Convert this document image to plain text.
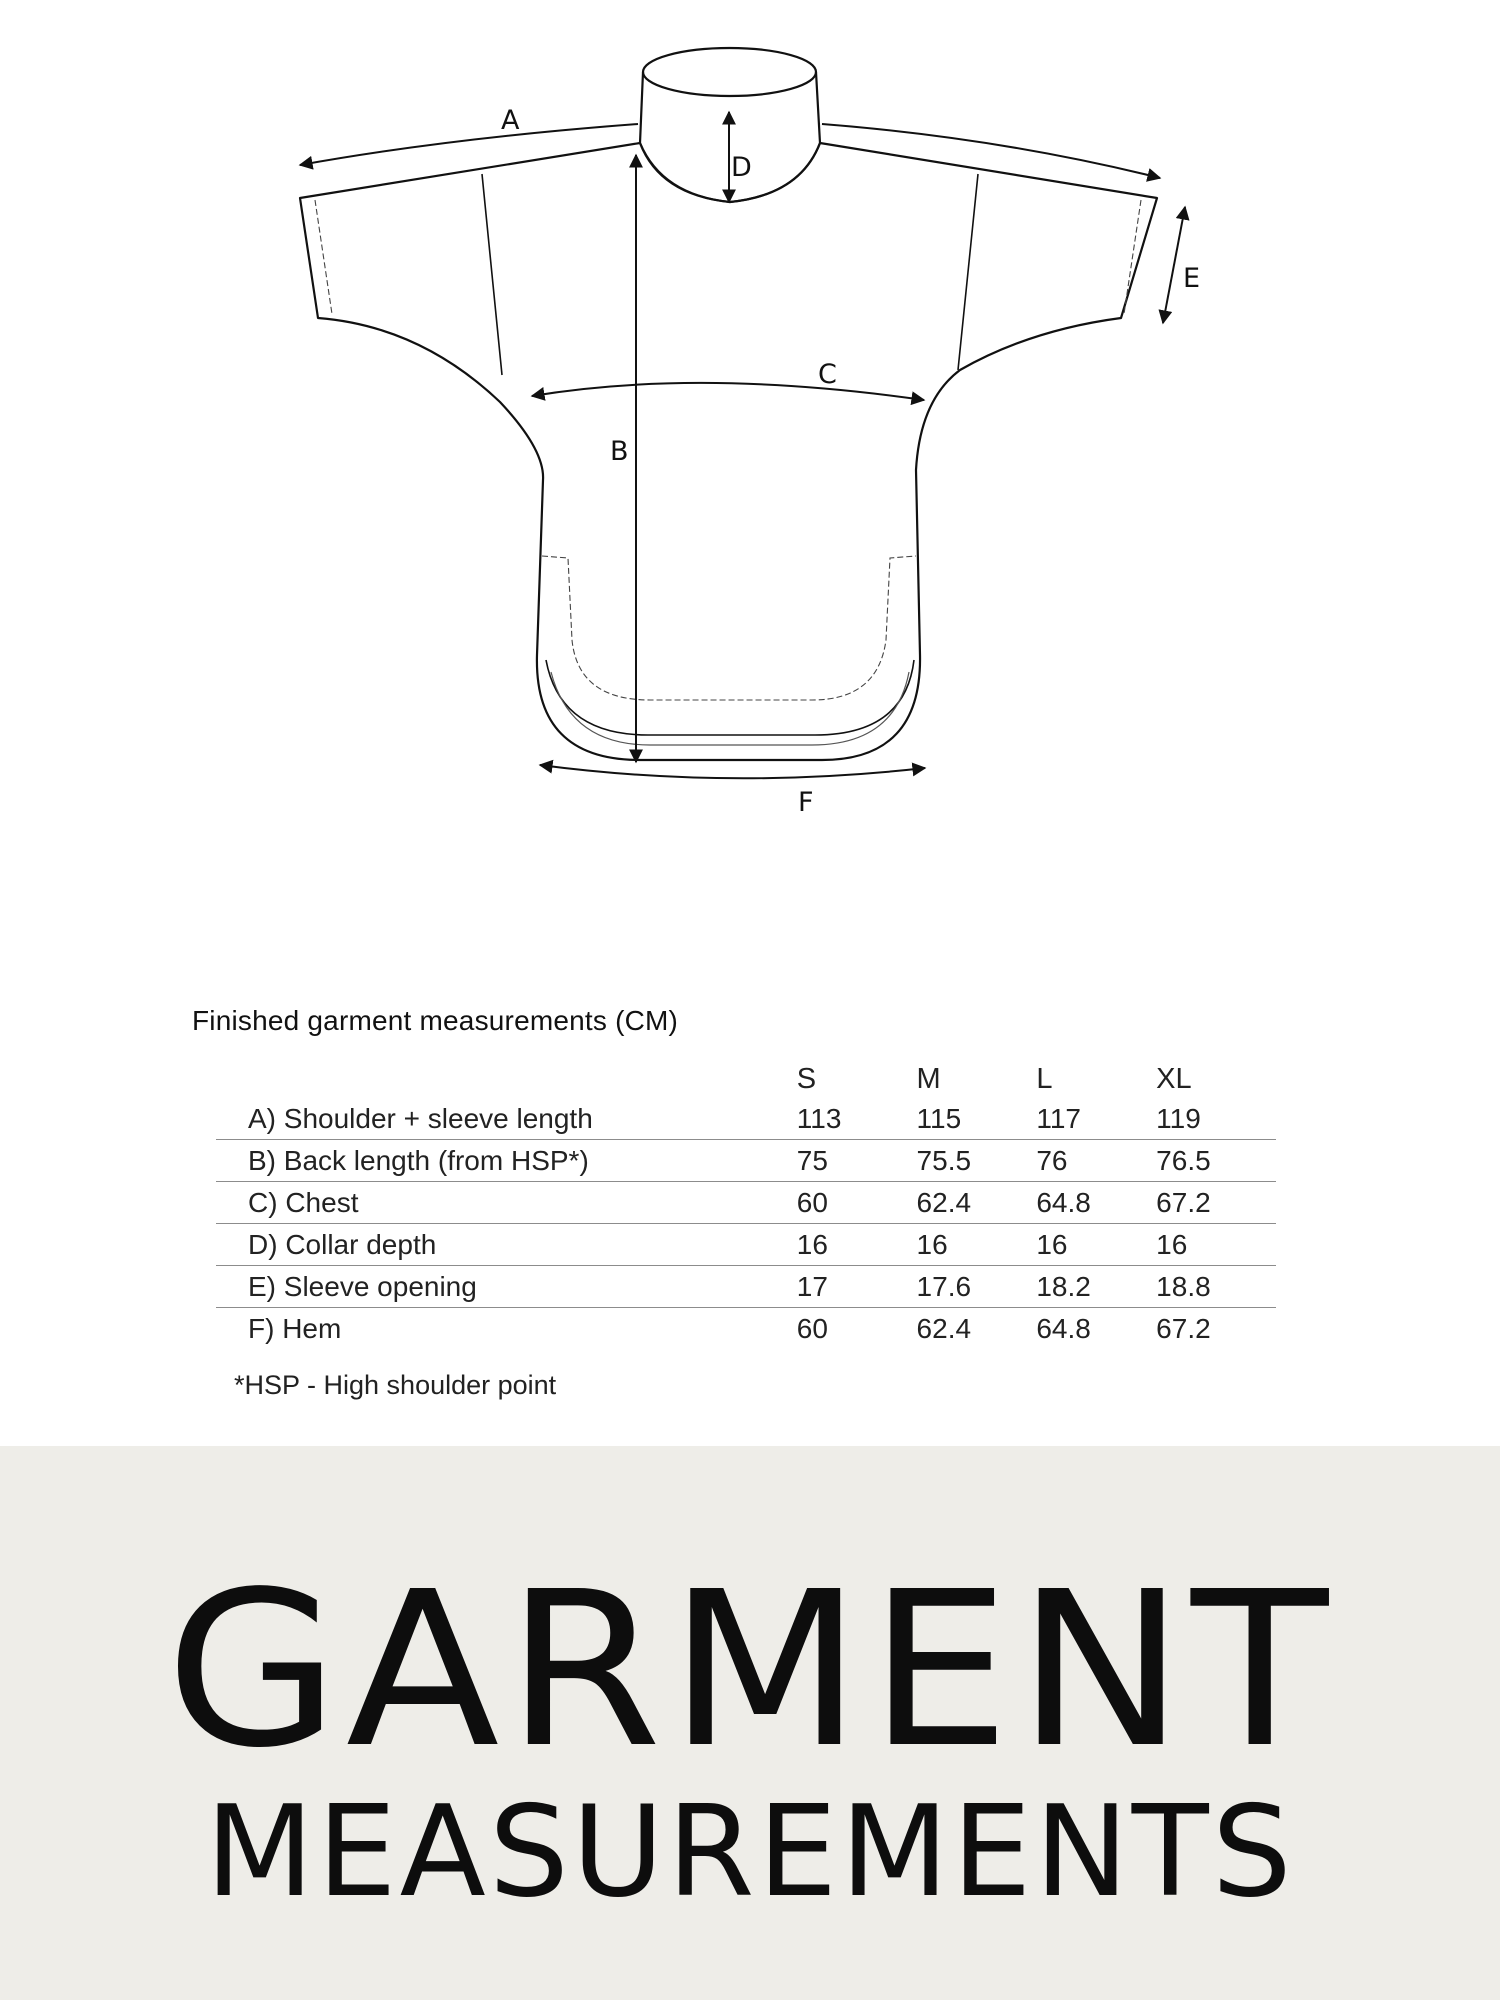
A
B
C
D
E
F
Finished garment measurements (CM)
	S	M	L	XL
A) Shoulder + sleeve length	113	115	117	119
B) Back length (from HSP*)	75	75.5	76	76.5
C) Chest	60	62.4	64.8	67.2
D) Collar depth	16	16	16	16
E) Sleeve opening	17	17.6	18.2	18.8
F) Hem	60	62.4	64.8	67.2
*HSP - High shoulder point
GARMENT
MEASUREMENTS
